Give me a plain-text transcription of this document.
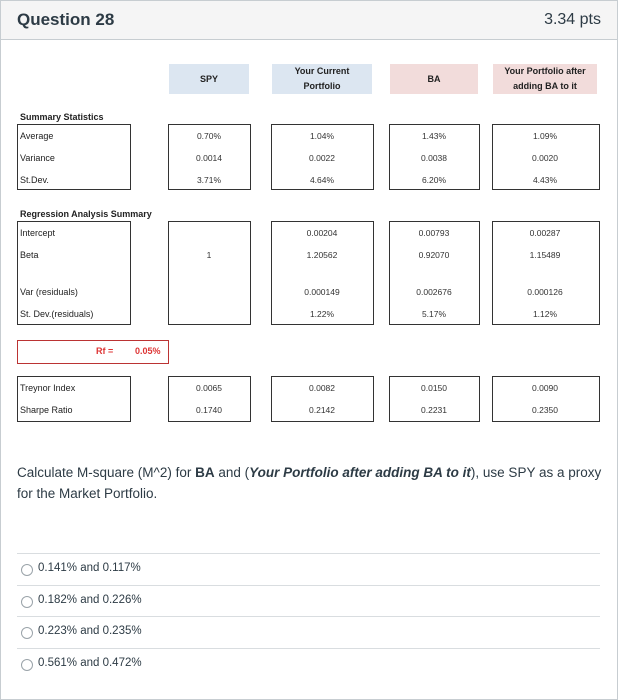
Question 28	3.34 pts
SPY
Your Current
Portfolio
BA
Your Portfolio after
adding BA to it
Summary Statistics
Average
Variance
St.Dev.
0.70%
0.0014
3.71%
1.04%
0.0022
4.64%
1.43%
0.0038
6.20%
1.09%
0.0020
4.43%
Regression Analysis Summary
Intercept
Beta
Var (residuals)
St. Dev.(residuals)
1
0.00204
1.20562
0.000149
1.22%
0.00793
0.92070
0.002676
5.17%
0.00287
1.15489
0.000126
1.12%
Rf = 0.05%
Treynor Index
Sharpe Ratio
0.0065
0.1740
0.0082
0.2142
0.0150
0.2231
0.0090
0.2350
Calculate M-square (M^2) for BA and (Your Portfolio after adding BA to it), use SPY as a proxy for the Market Portfolio.
0.141% and 0.117%
0.182% and 0.226%
0.223% and 0.235%
0.561% and 0.472%
